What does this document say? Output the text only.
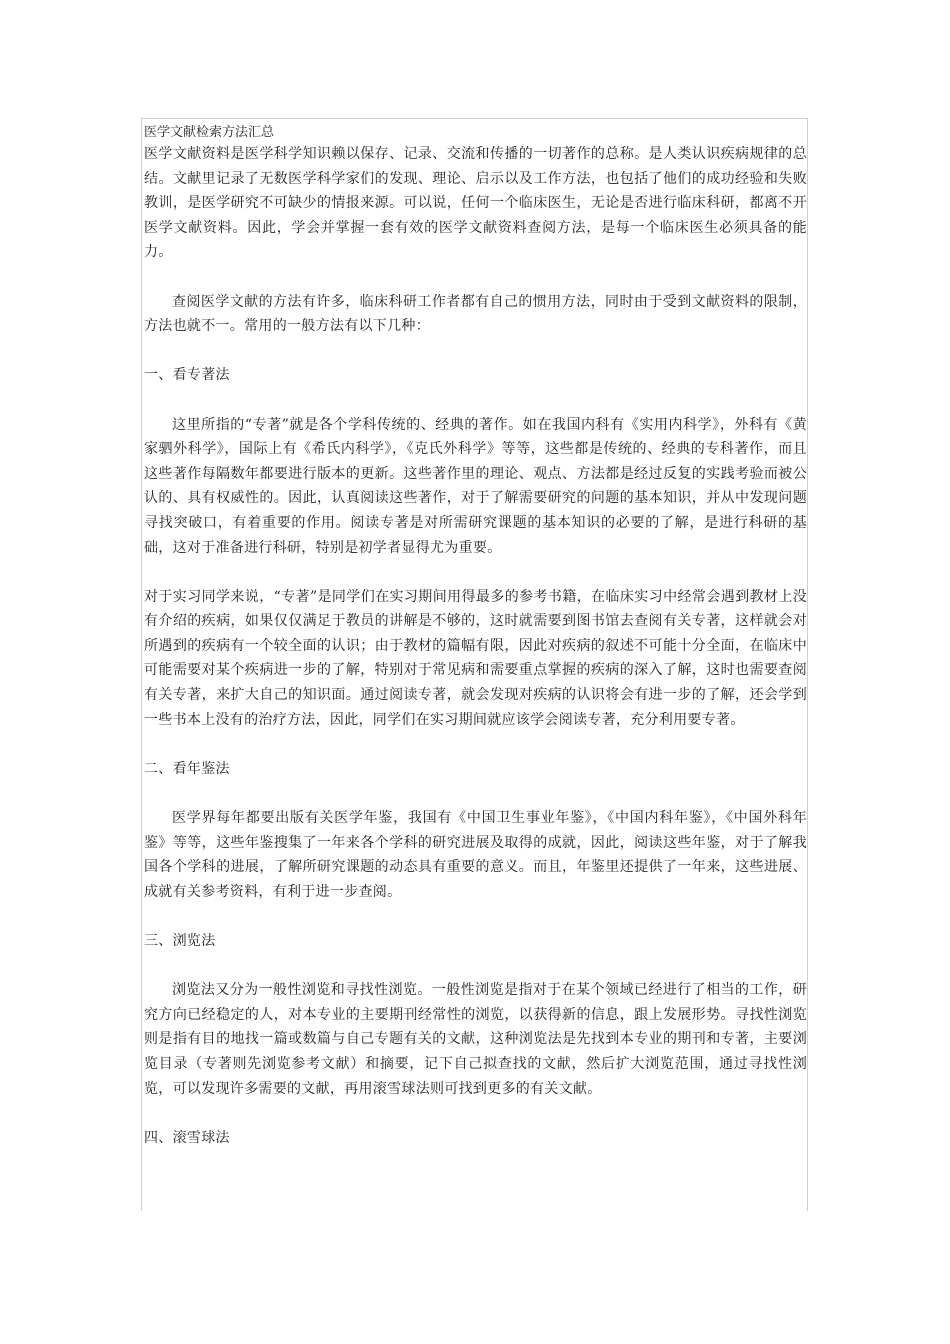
医学文献检索方法汇总

医学文献资料是医学科学知识赖以保存、记录、交流和传播的一切著作的总称。是人类认识疾病规律的总结。文献里记录了无数医学科学家们的发现、理论、启示以及工作方法，也包括了他们的成功经验和失败教训，是医学研究不可缺少的情报来源。可以说，任何一个临床医生，无论是否进行临床科研，都离不开医学文献资料。因此，学会并掌握一套有效的医学文献资料查阅方法，是每一个临床医生必须具备的能力。

查阅医学文献的方法有许多，临床科研工作者都有自己的惯用方法，同时由于受到文献资料的限制，方法也就不一。常用的一般方法有以下几种：

一、看专著法

这里所指的“专著”就是各个学科传统的、经典的著作。如在我国内科有《实用内科学》，外科有《黄家驷外科学》，国际上有《希氏内科学》，《克氏外科学》等等，这些都是传统的、经典的专科著作，而且这些著作每隔数年都要进行版本的更新。这些著作里的理论、观点、方法都是经过反复的实践考验而被公认的、具有权威性的。因此，认真阅读这些著作，对于了解需要研究的问题的基本知识，并从中发现问题寻找突破口，有着重要的作用。阅读专著是对所需研究课题的基本知识的必要的了解，是进行科研的基础，这对于准备进行科研，特别是初学者显得尤为重要。

对于实习同学来说，“专著”是同学们在实习期间用得最多的参考书籍，在临床实习中经常会遇到教材上没有介绍的疾病，如果仅仅满足于教员的讲解是不够的，这时就需要到图书馆去查阅有关专著，这样就会对所遇到的疾病有一个较全面的认识；由于教材的篇幅有限，因此对疾病的叙述不可能十分全面，在临床中可能需要对某个疾病进一步的了解，特别对于常见病和需要重点掌握的疾病的深入了解，这时也需要查阅有关专著，来扩大自己的知识面。通过阅读专著，就会发现对疾病的认识将会有进一步的了解，还会学到一些书本上没有的治疗方法，因此，同学们在实习期间就应该学会阅读专著，充分利用要专著。

二、看年鉴法

医学界每年都要出版有关医学年鉴，我国有《中国卫生事业年鉴》，《中国内科年鉴》，《中国外科年鉴》等等，这些年鉴搜集了一年来各个学科的研究进展及取得的成就，因此，阅读这些年鉴，对于了解我国各个学科的进展，了解所研究课题的动态具有重要的意义。而且，年鉴里还提供了一年来，这些进展、成就有关参考资料，有利于进一步查阅。

三、浏览法

浏览法又分为一般性浏览和寻找性浏览。一般性浏览是指对于在某个领域已经进行了相当的工作，研究方向已经稳定的人，对本专业的主要期刊经常性的浏览，以获得新的信息，跟上发展形势。寻找性浏览则是指有目的地找一篇或数篇与自己专题有关的文献，这种浏览法是先找到本专业的期刊和专著，主要浏览目录（专著则先浏览参考文献）和摘要，记下自己拟查找的文献，然后扩大浏览范围，通过寻找性浏览，可以发现许多需要的文献，再用滚雪球法则可找到更多的有关文献。

四、滚雪球法
